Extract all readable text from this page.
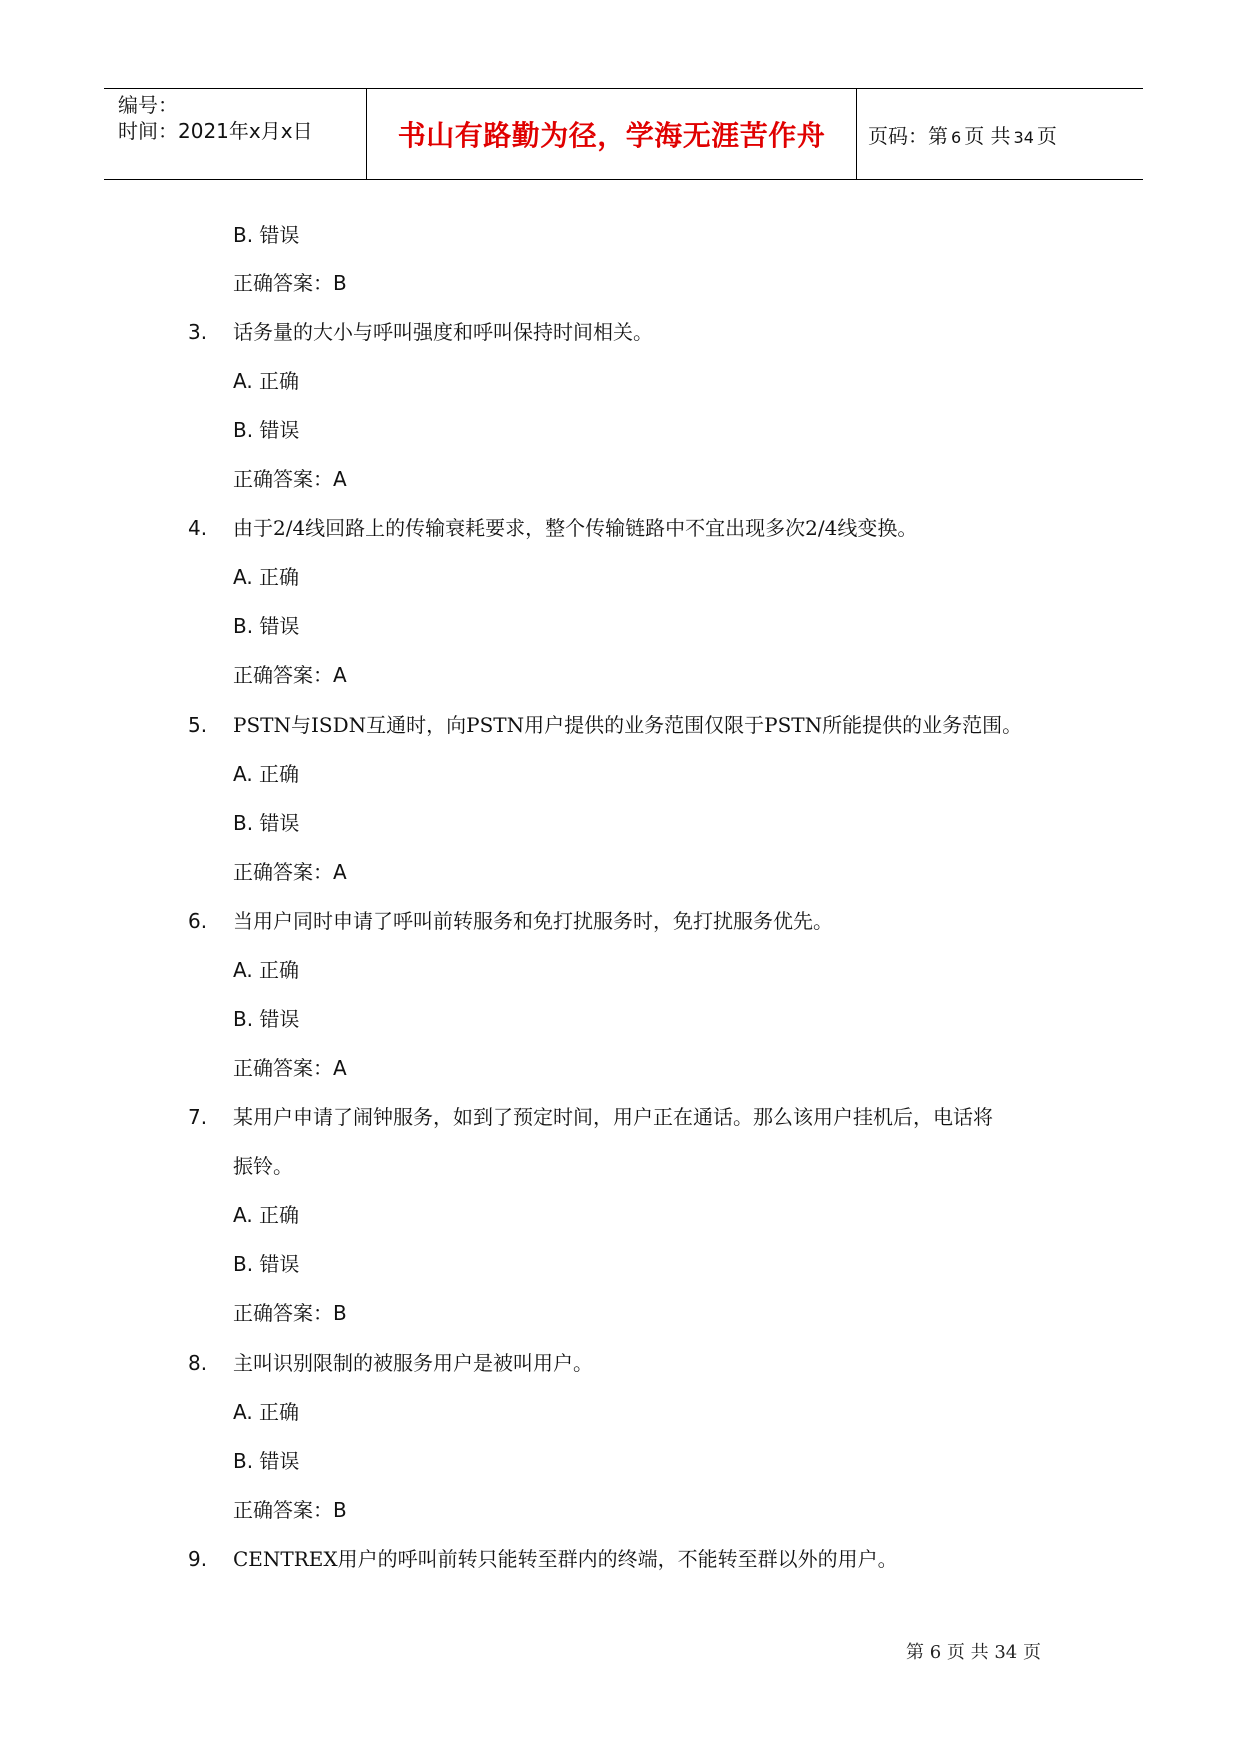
编号：
时间：2021年x月x日	书山有路勤为径，学海无涯苦作舟 页码：第 6 页 共 34 页
B. 错误
正确答案：B
3. 话务量的大小与呼叫强度和呼叫保持时间相关。
A. 正确
B. 错误
正确答案：A
4. 由于2/4线回路上的传输衰耗要求，整个传输链路中不宜出现多次2/4线变换。
A. 正确
B. 错误
正确答案：A
5. PSTN与ISDN互通时，向PSTN用户提供的业务范围仅限于PSTN所能提供的业务范围。
A. 正确
B. 错误
正确答案：A
6. 当用户同时申请了呼叫前转服务和免打扰服务时，免打扰服务优先。
A. 正确
B. 错误
正确答案：A
7. 某用户申请了闹钟服务，如到了预定时间，用户正在通话。那么该用户挂机后，电话将
振铃。
A. 正确
B. 错误
正确答案：B
8. 主叫识别限制的被服务用户是被叫用户。
A. 正确
B. 错误
正确答案：B
9. CENTREX用户的呼叫前转只能转至群内的终端，不能转至群以外的用户。
第 6 页 共 34 页
